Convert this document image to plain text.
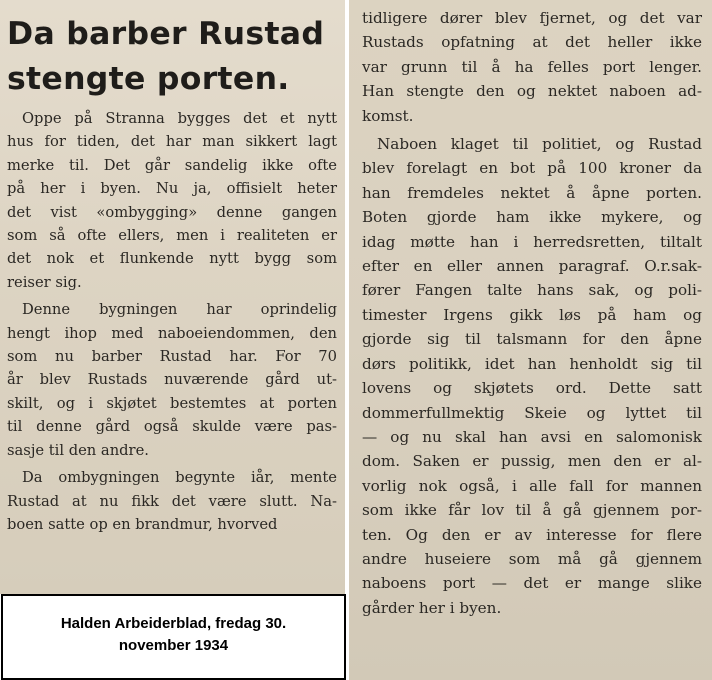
Da barber Rustad
stengte porten.
Oppe på Stranna bygges det et nytt
hus for tiden, det har man sikkert lagt
merke til. Det går sandelig ikke ofte
på her i byen. Nu ja, offisielt heter
det vist «ombygging» denne gangen
som så ofte ellers, men i realiteten er
det nok et flunkende nytt bygg som
reiser sig.
Denne bygningen har oprindelig
hengt ihop med naboeiendommen, den
som nu barber Rustad har. For 70
år blev Rustads nuværende gård ut-
skilt, og i skjøtet bestemtes at porten
til denne gård også skulde være pas-
sasje til den andre.
Da ombygningen begynte iår, mente
Rustad at nu fikk det være slutt. Na-
boen satte op en brandmur, hvorved
tidligere dører blev fjernet, og det var
Rustads opfatning at det heller ikke
var grunn til å ha felles port lenger.
Han stengte den og nektet naboen ad-
komst.
Naboen klaget til politiet, og Rustad
blev forelagt en bot på 100 kroner da
han fremdeles nektet å åpne porten.
Boten gjorde ham ikke mykere, og
idag møtte han i herredsretten, tiltalt
efter en eller annen paragraf. O.r.sak-
fører Fangen talte hans sak, og poli-
timester Irgens gikk løs på ham og
gjorde sig til talsmann for den åpne
dørs politikk, idet han henholdt sig til
lovens og skjøtets ord. Dette satt
dommerfullmektig Skeie og lyttet til
— og nu skal han avsi en salomonisk
dom. Saken er pussig, men den er al-
vorlig nok også, i alle fall for mannen
som ikke får lov til å gå gjennem por-
ten. Og den er av interesse for flere
andre huseiere som må gå gjennem
naboens port — det er mange slike
gårder her i byen.
Halden Arbeiderblad, fredag 30.
november 1934
